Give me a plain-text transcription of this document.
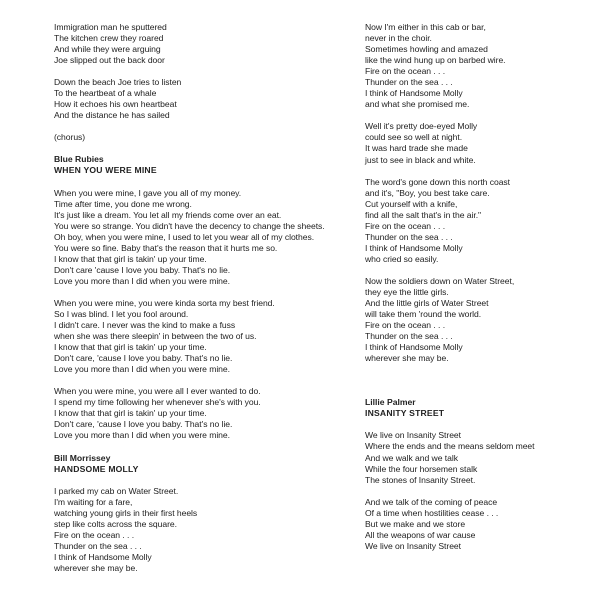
Immigration man he sputtered
The kitchen crew they roared
And while they were arguing
Joe slipped out the back door
Down the beach Joe tries to listen
To the heartbeat of a whale
How it echoes his own heartbeat
And the distance he has sailed
(chorus)
Blue Rubies
WHEN YOU WERE MINE
When you were mine, I gave you all of my money.
Time after time, you done me wrong.
It's just like a dream. You let all my friends come over an eat.
You were so strange. You didn't have the decency to change the sheets.
Oh boy, when you were mine, I used to let you wear all of my clothes.
You were so fine. Baby that's the reason that it hurts me so.
I know that that girl is takin' up your time.
Don't care 'cause I love you baby. That's no lie.
Love you more than I did when you were mine.
When you were mine, you were kinda sorta my best friend.
So I was blind. I let you fool around.
I didn't care. I never was the kind to make a fuss
when she was there sleepin' in between the two of us.
I know that that girl is takin' up your time.
Don't care, 'cause I love you baby. That's no lie.
Love you more than I did when you were mine.
When you were mine, you were all I ever wanted to do.
I spend my time following her whenever she's with you.
I know that that girl is takin' up your time.
Don't care, 'cause I love you baby. That's no lie.
Love you more than I did when you were mine.
Bill Morrissey
HANDSOME MOLLY
I parked my cab on Water Street.
I'm waiting for a fare,
watching young girls in their first heels
step like colts across the square.
Fire on the ocean . . .
Thunder on the sea . . .
I think of Handsome Molly
wherever she may be.
Now I'm either in this cab or bar,
never in the choir.
Sometimes howling and amazed
like the wind hung up on barbed wire.
Fire on the ocean . . .
Thunder on the sea . . .
I think of Handsome Molly
and what she promised me.
Well it's pretty doe-eyed Molly
could see so well at night.
It was hard trade she made
just to see in black and white.
The word's gone down this north coast
and it's, "Boy, you best take care.
Cut yourself with a knife,
find all the salt that's in the air."
Fire on the ocean . . .
Thunder on the sea . . .
I think of Handsome Molly
who cried so easily.
Now the soldiers down on Water Street,
they eye the little girls.
And the little girls of Water Street
will take them 'round the world.
Fire on the ocean . . .
Thunder on the sea . . .
I think of Handsome Molly
wherever she may be.
Lillie Palmer
INSANITY STREET
We live on Insanity Street
Where the ends and the means seldom meet
And we walk and we talk
While the four horsemen stalk
The stones of Insanity Street.
And we talk of the coming of peace
Of a time when hostilities cease . . .
But we make and we store
All the weapons of war cause
We live on Insanity Street
